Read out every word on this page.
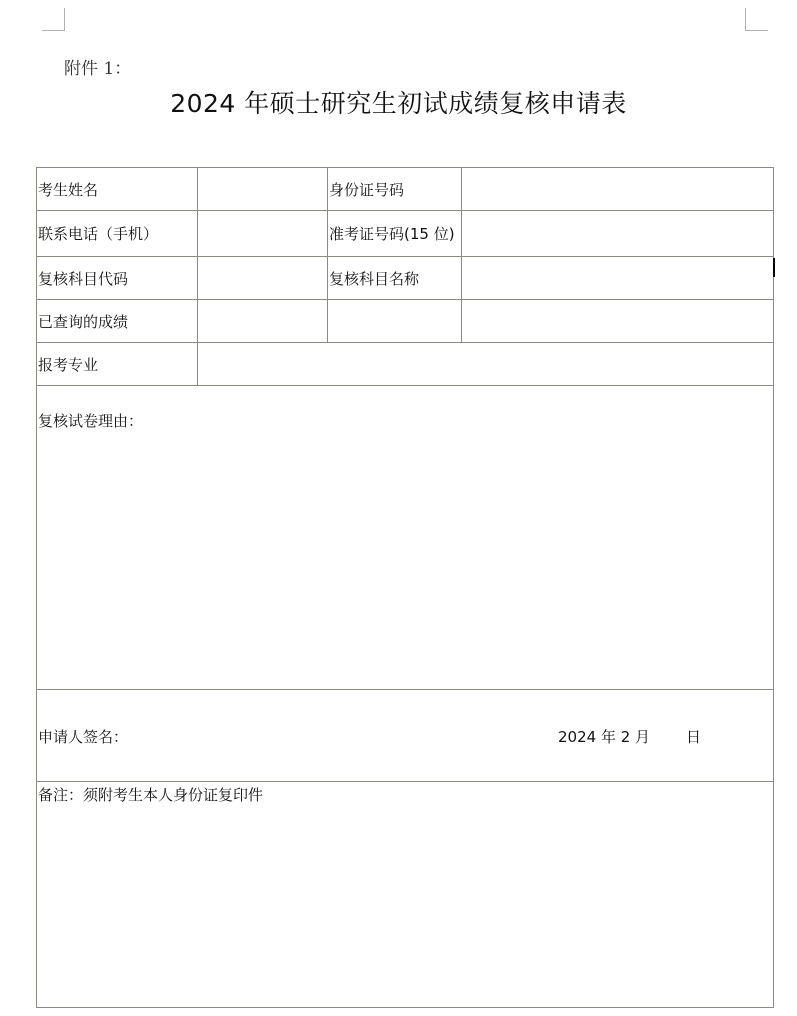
附件 1：
2024 年硕士研究生初试成绩复核申请表
考生姓名		身份证号码	
联系电话（手机）		准考证号码(15 位)	
复核科目代码		复核科目名称	
已查询的成绩			
报考专业			
复核试卷理由：			

申请人签名： 2024 年 2 月 日			

备注：须附考生本人身份证复印件			
